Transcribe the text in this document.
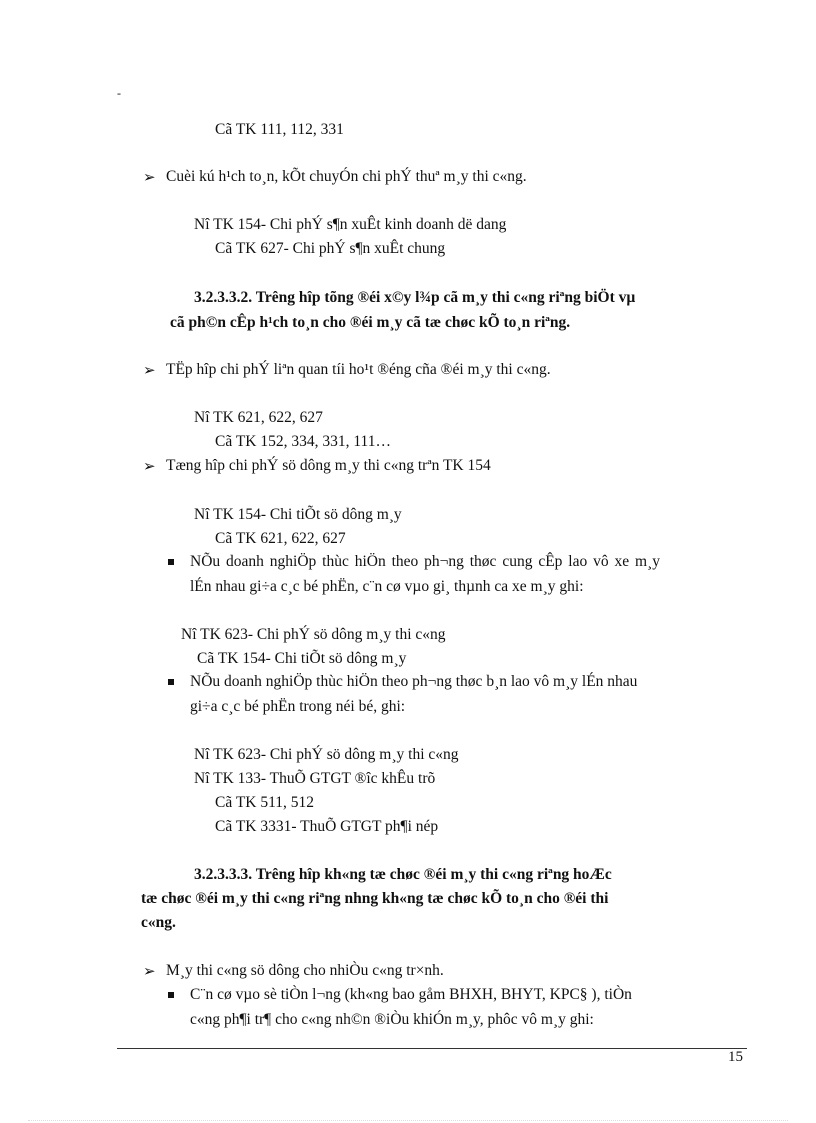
-
Cã TK 111, 112, 331
➢ Cuèi kú h¹ch to¸n, kÕt chuyÓn chi phÝ thuª m¸y thi c«ng.
Nî TK 154- Chi phÝ s¶n xuÊt kinh doanh dë dang
Cã TK 627- Chi phÝ s¶n xuÊt chung
3.2.3.3.2. Trêng hîp tõng ®éi x©y l¾p cã m¸y thi c«ng riªng biÖt vµ
cã ph©n cÊp h¹ch to¸n cho ®éi m¸y cã tæ chøc kÕ to¸n riªng.
➢ TËp hîp chi phÝ liªn quan tíi ho¹t ®éng cña ®éi m¸y thi c«ng.
Nî TK 621, 622, 627
Cã TK 152, 334, 331, 111…
➢ Tæng hîp chi phÝ sö dông m¸y thi c«ng trªn TK 154
Nî TK 154- Chi tiÕt sö dông m¸y
Cã TK 621, 622, 627
NÕu doanh nghiÖp thùc hiÖn theo ph¬ng thøc cung cÊp lao vô xe m¸y
lÉn nhau gi÷a c¸c bé phËn, c¨n cø vµo gi¸ thµnh ca xe m¸y ghi:
Nî TK 623- Chi phÝ sö dông m¸y thi c«ng
Cã TK 154- Chi tiÕt sö dông m¸y
NÕu doanh nghiÖp thùc hiÖn theo ph¬ng thøc b¸n lao vô m¸y lÉn nhau
gi÷a c¸c bé phËn trong néi bé, ghi:
Nî TK 623- Chi phÝ sö dông m¸y thi c«ng
Nî TK 133- ThuÕ GTGT ®îc khÊu trõ
Cã TK 511, 512
Cã TK 3331- ThuÕ GTGT ph¶i nép
3.2.3.3.3. Trêng hîp kh«ng tæ chøc ®éi m¸y thi c«ng riªng hoÆc
tæ chøc ®éi m¸y thi c«ng riªng nhng kh«ng tæ chøc kÕ to¸n cho ®éi thi
c«ng.
➢ M¸y thi c«ng sö dông cho nhiÒu c«ng tr×nh.
C¨n cø vµo sè tiÒn l¬ng (kh«ng bao gåm BHXH, BHYT, KPC§ ), tiÒn
c«ng ph¶i tr¶ cho c«ng nh©n ®iÒu khiÓn m¸y, phôc vô m¸y ghi:
15
